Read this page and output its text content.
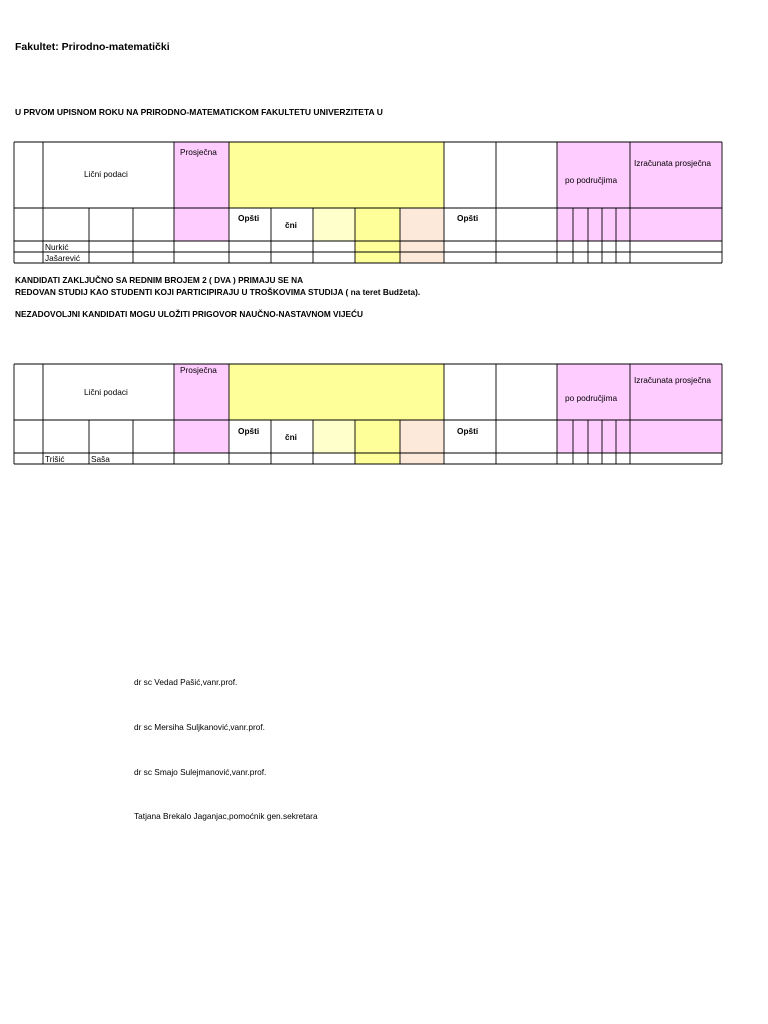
Fakultet: Prirodno-matematički
U PRVOM UPISNOM ROKU NA PRIRODNO-MATEMATICKOM FAKULTETU UNIVERZITETA U
Lični podaci
Prosječna
po područjima
Izračunata prosječna
Opšti
čni
Opšti
Nurkić
Jašarević
KANDIDATI ZAKLJUČNO SA REDNIM BROJEM 2 ( DVA ) PRIMAJU SE NA
REDOVAN STUDIJ KAO STUDENTI KOJI PARTICIPIRAJU U TROŠKOVIMA STUDIJA ( na teret Budžeta).
NEZADOVOLJNI KANDIDATI MOGU ULOŽITI PRIGOVOR NAUČNO-NASTAVNOM VIJEĆU
Lični podaci
Prosječna
po područjima
Izračunata prosječna
Opšti
čni
Opšti
Trišić	Saša
dr sc Vedad Pašić,vanr.prof.
dr sc Mersiha Suljkanović,vanr.prof.
dr sc Smajo Sulejmanović,vanr.prof.
Tatjana Brekalo Jaganjac,pomoćnik gen.sekretara
